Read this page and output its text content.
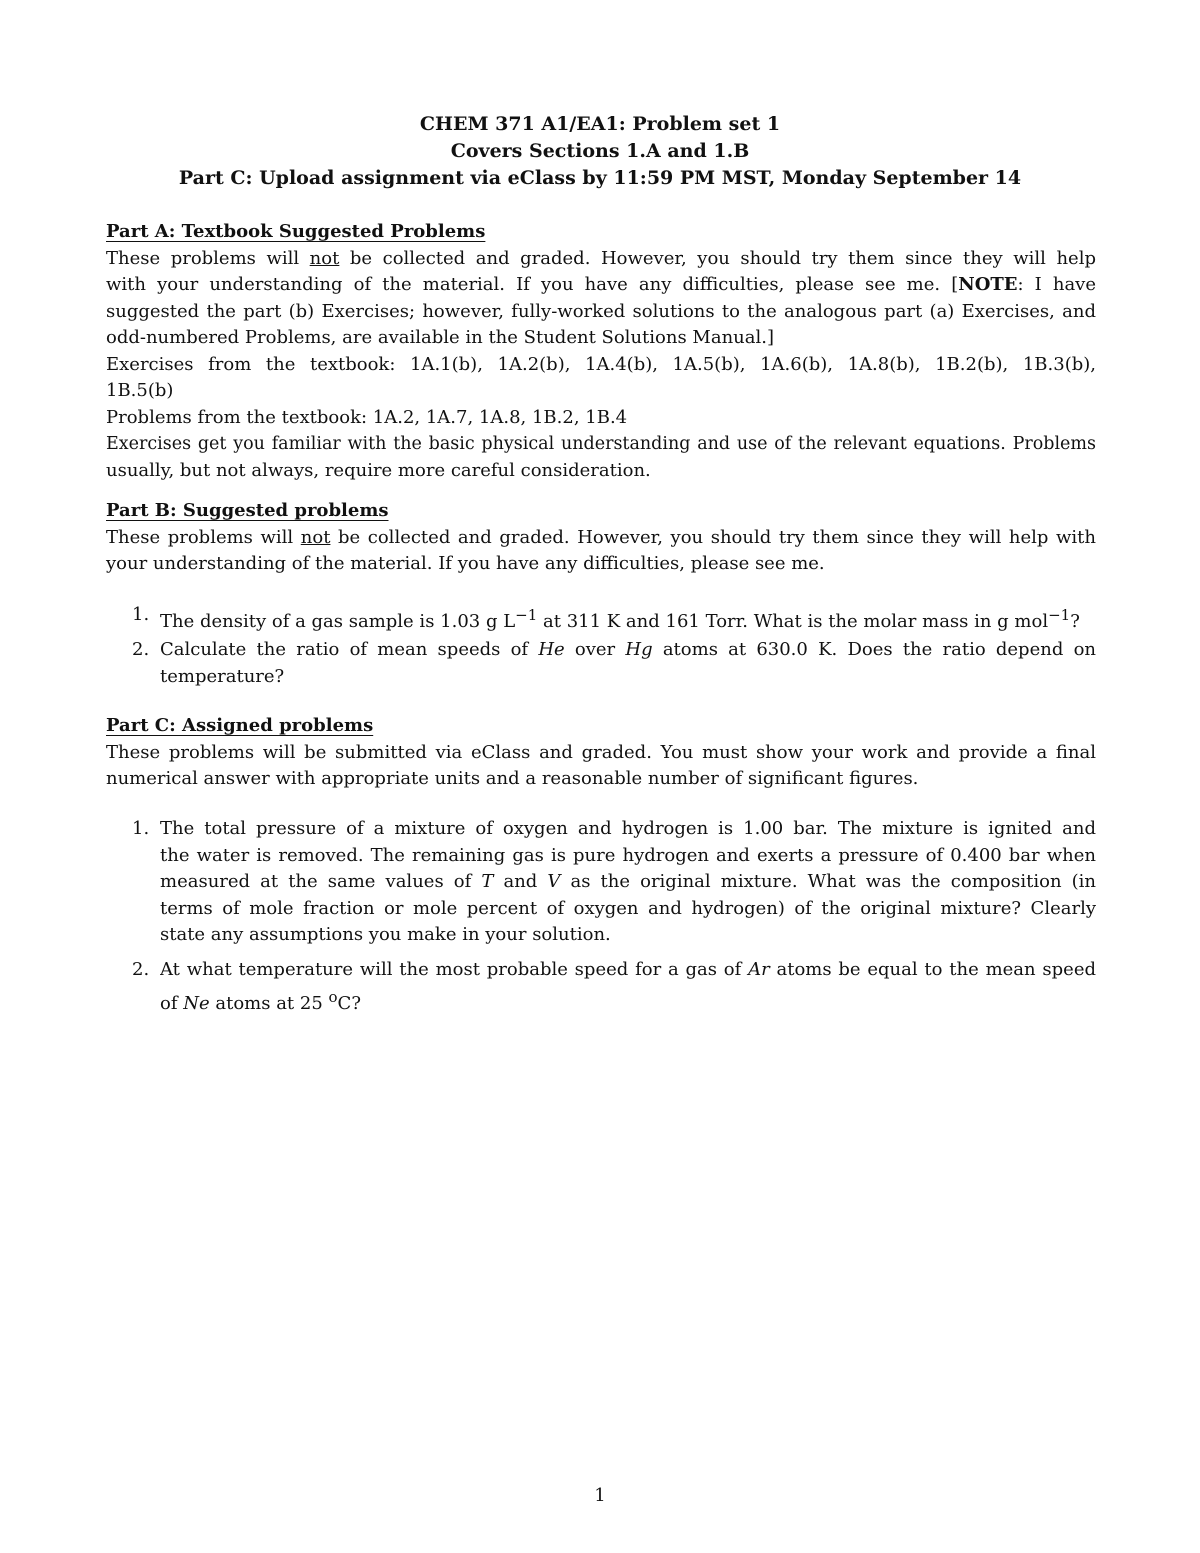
CHEM 371 A1/EA1: Problem set 1
Covers Sections 1.A and 1.B
Part C: Upload assignment via eClass by 11:59 PM MST, Monday September 14
Part A: Textbook Suggested Problems
These problems will not be collected and graded. However, you should try them since they will help
with your understanding of the material. If you have any difficulties, please see me. [NOTE: I have
suggested the part (b) Exercises; however, fully-worked solutions to the analogous part (a) Exercises, and
odd-numbered Problems, are available in the Student Solutions Manual.]
Exercises from the textbook: 1A.1(b), 1A.2(b), 1A.4(b), 1A.5(b), 1A.6(b), 1A.8(b), 1B.2(b), 1B.3(b),
1B.5(b)
Problems from the textbook: 1A.2, 1A.7, 1A.8, 1B.2, 1B.4
Exercises get you familiar with the basic physical understanding and use of the relevant equations. Problems
usually, but not always, require more careful consideration.
Part B: Suggested problems
These problems will not be collected and graded. However, you should try them since they will help with
your understanding of the material. If you have any difficulties, please see me.
1. The density of a gas sample is 1.03 g $L^{-1}$ at 311 K and 161 Torr. What is the molar mass in g mol$^{-1}$?
2. Calculate the ratio of mean speeds of He over Hg atoms at 630.0 K. Does the ratio depend on
temperature?
Part C: Assigned problems
These problems will be submitted via eClass and graded. You must show your work and provide a final
numerical answer with appropriate units and a reasonable number of significant figures.
1. The total pressure of a mixture of oxygen and hydrogen is 1.00 bar. The mixture is ignited and
the water is removed. The remaining gas is pure hydrogen and exerts a pressure of 0.400 bar when
measured at the same values of T and V as the original mixture. What was the composition (in
terms of mole fraction or mole percent of oxygen and hydrogen) of the original mixture? Clearly
state any assumptions you make in your solution.
2. At what temperature will the most probable speed for a gas of Ar atoms be equal to the mean speed
of Ne atoms at 25 $^o$C?
1
